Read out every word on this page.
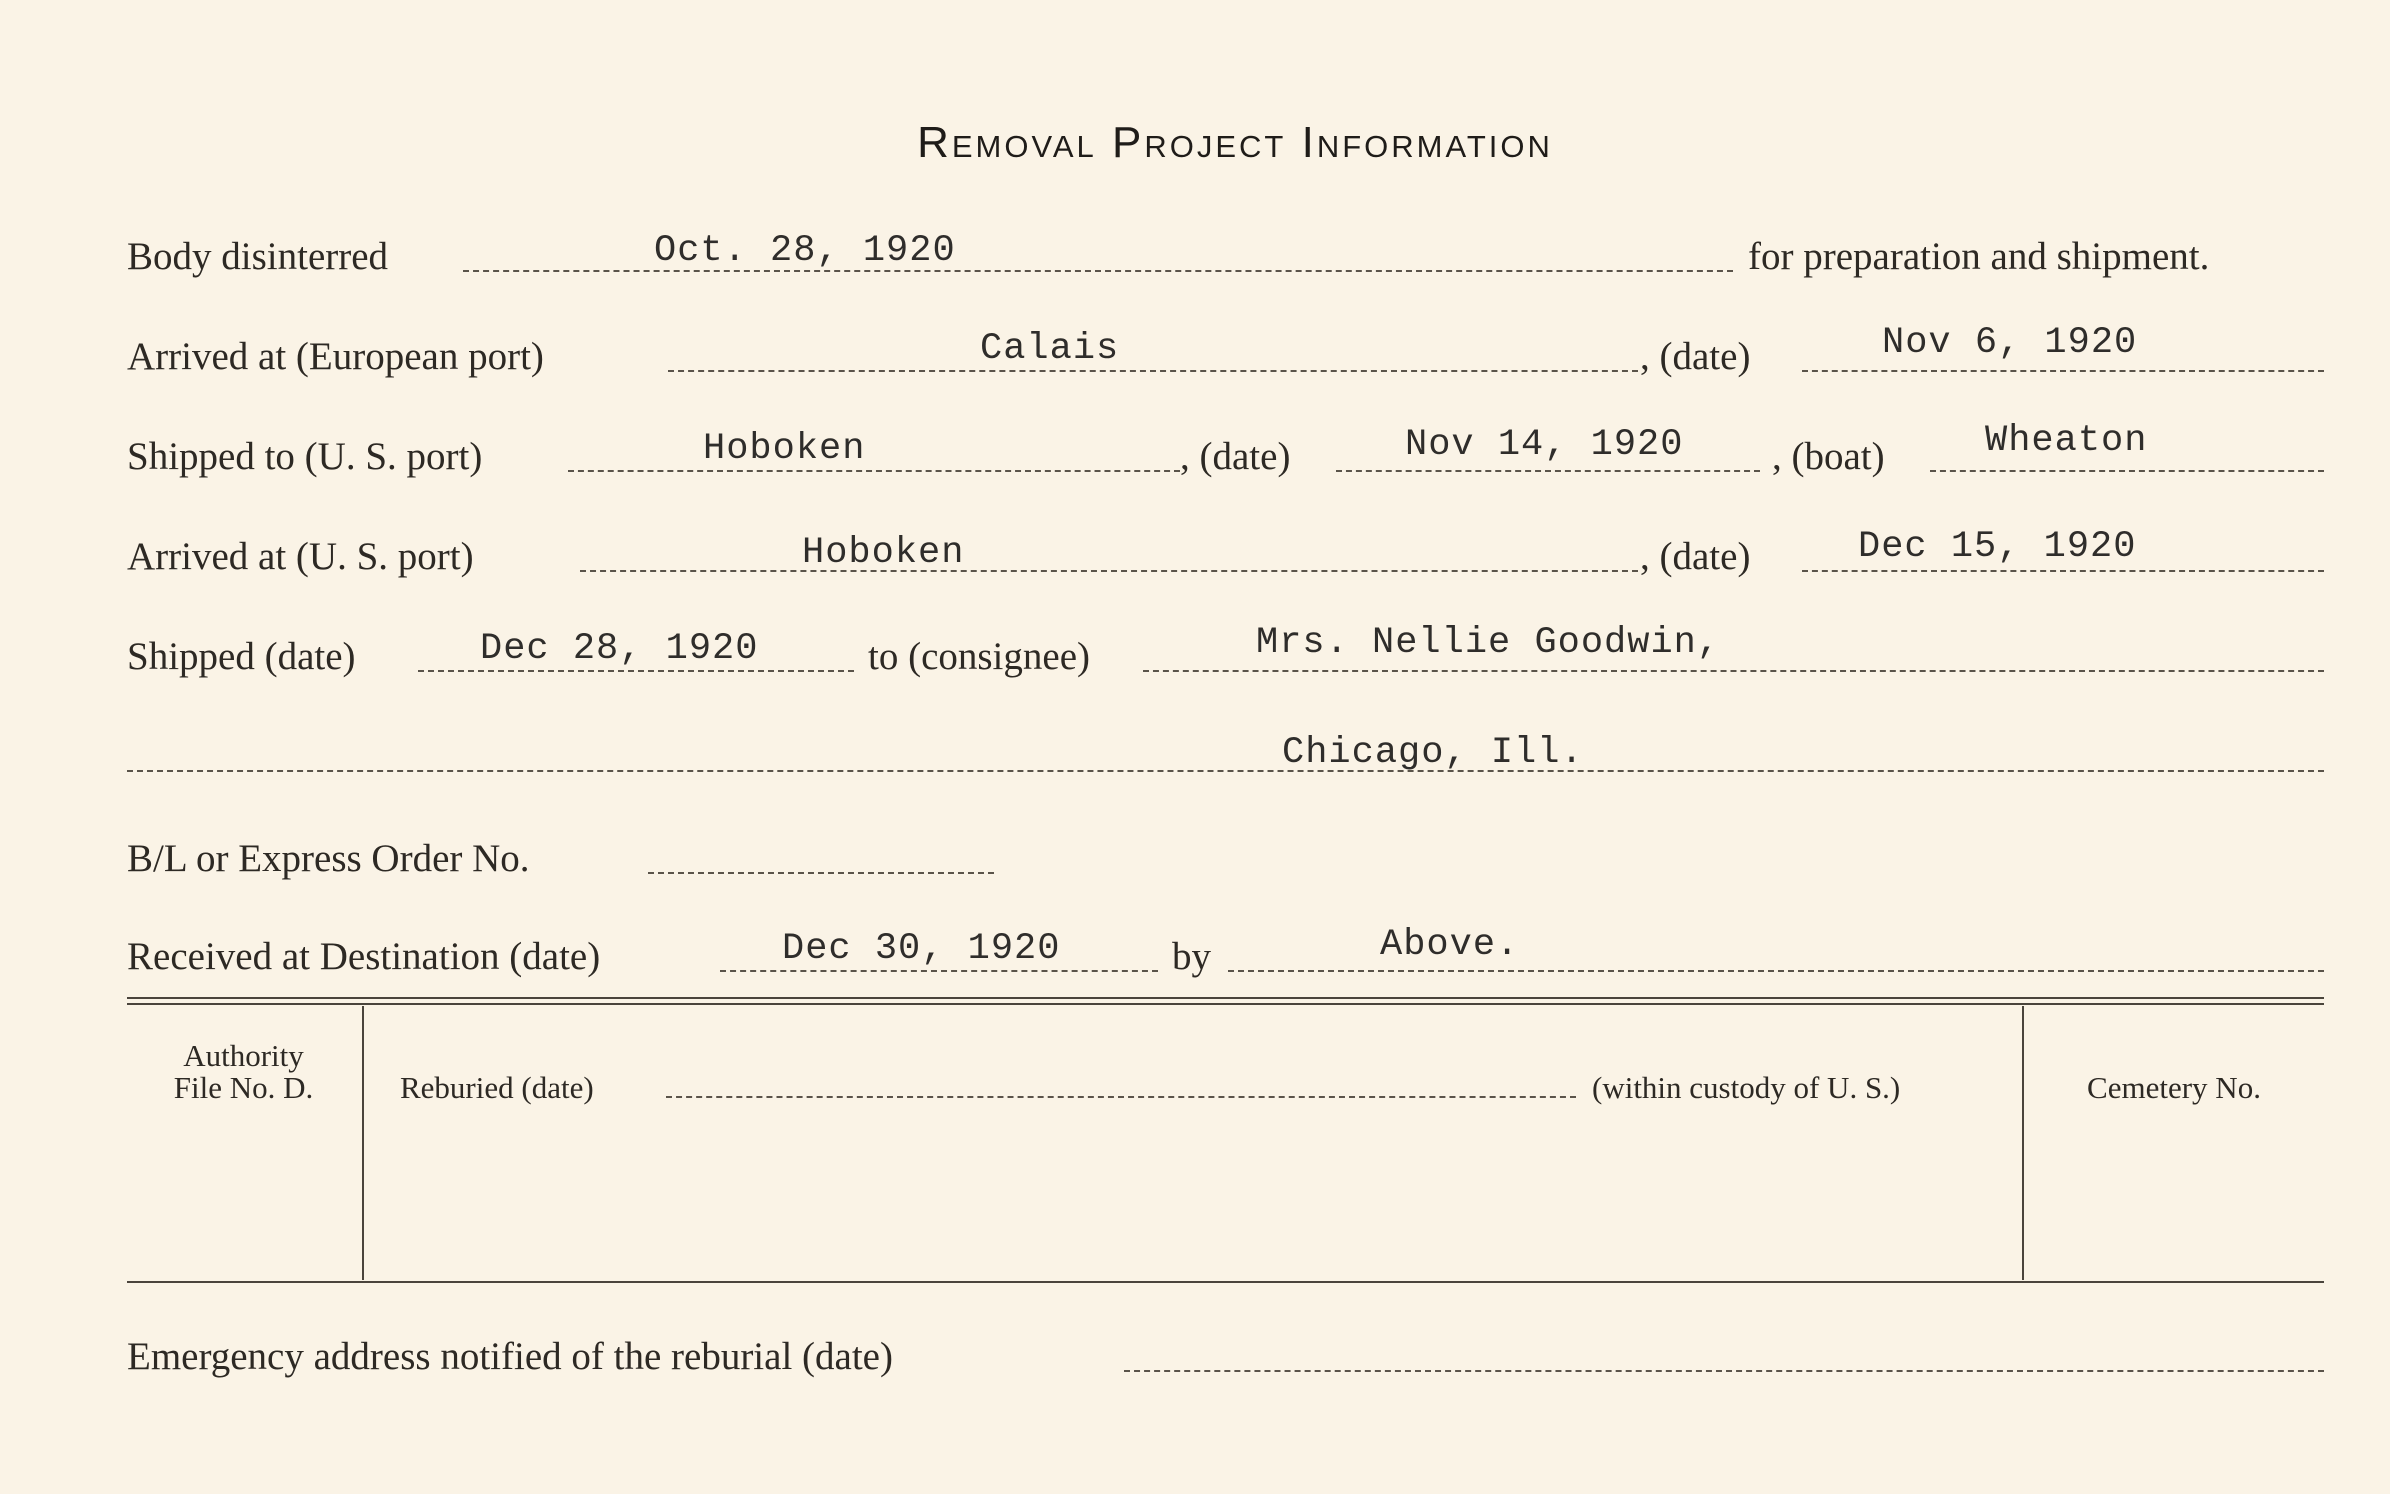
Removal Project Information
Body disinterred	Oct. 28, 1920	for preparation and shipment.
Arrived at (European port)	Calais	, (date)	Nov 6, 1920
Shipped to (U. S. port)	Hoboken	, (date)	Nov 14, 1920 , (boat)	Wheaton
Arrived at (U. S. port)	Hoboken	, (date)	Dec 15, 1920
Shipped (date)	Dec 28, 1920	to (consignee)	Mrs. Nellie Goodwin,
Chicago, Ill.
B/L or Express Order No.
Received at Destination (date)	Dec 30, 1920	by	Above.
Authority
File No. D.	Reburied (date)	(within custody of U. S.)	Cemetery No.
Emergency address notified of the reburial (date)
